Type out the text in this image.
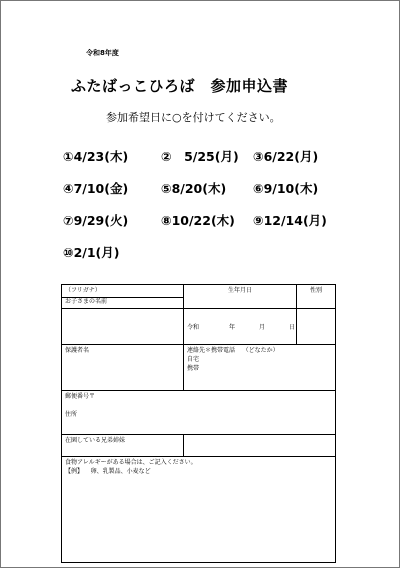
令和8年度
ふたばっこひろば　参加申込書
参加希望日に○を付けてください。
①4/23(木)	②　5/25(月) ③6/22(月)
④7/10(金)	⑤8/20(木) ⑥9/10(木)
⑦9/29(火)	⑧10/22(木) ⑨12/14(月)
⑩2/1(月)
（フリガナ）
お子さまの名前	生年月日	性別

	令和 年 月 日	

保護者名	連絡先＊携帯電話 （どなたか）
自宅
携帯	
郵便番号〒

住所		
在園している兄弟姉妹		
食物アレルギーがある場合は、ご記入ください。
【例】 卵、乳製品、小麦など		
